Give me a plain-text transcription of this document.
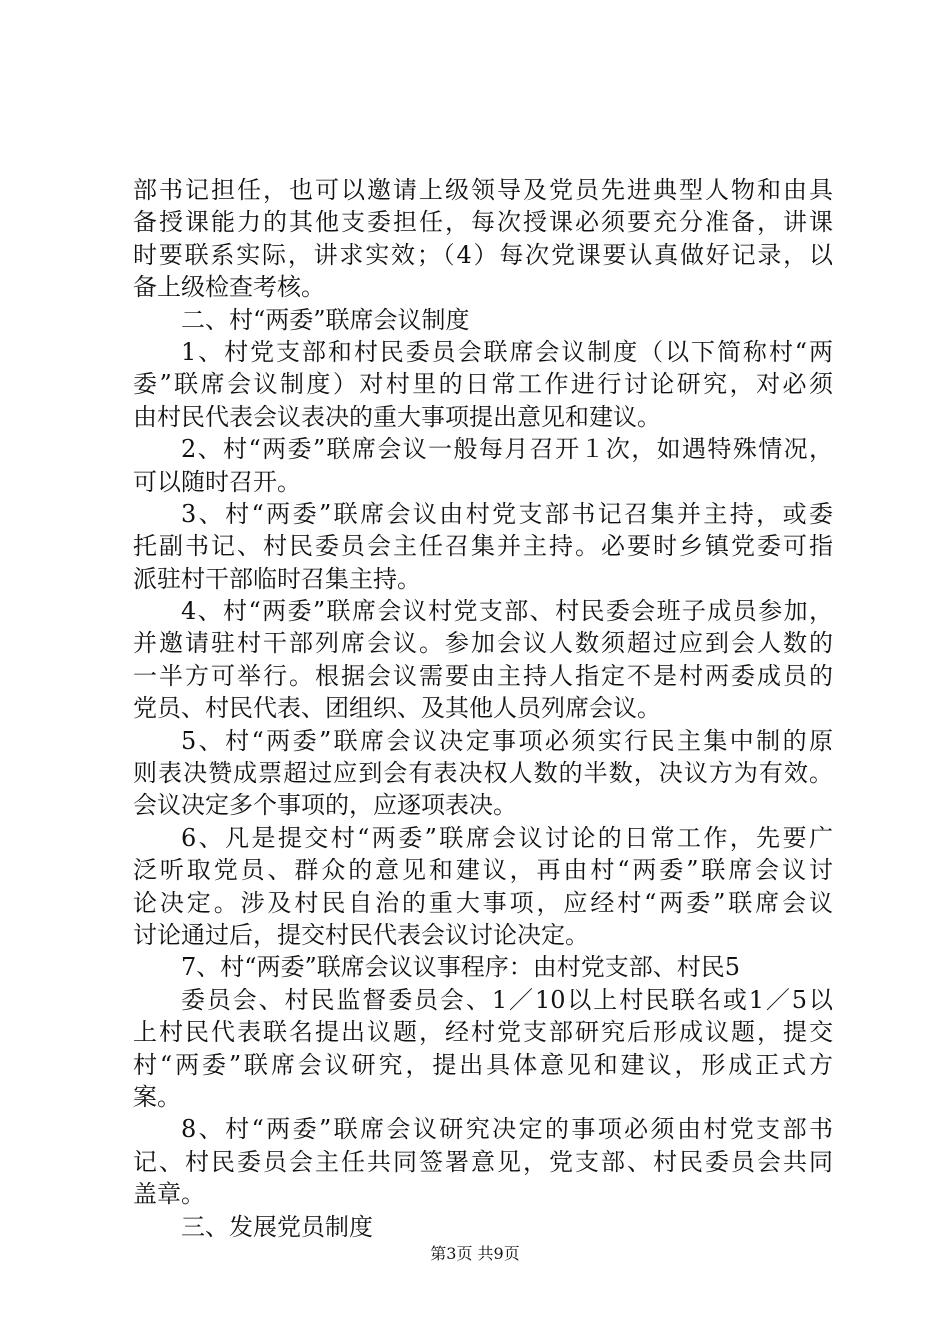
部书记担任，也可以邀请上级领导及党员先进典型人物和由具
备授课能力的其他支委担任，每次授课必须要充分准备，讲课
时要联系实际，讲求实效；（4）每次党课要认真做好记录，以
备上级检查考核。
二、村“两委”联席会议制度
1、村党支部和村民委员会联席会议制度（以下简称村“两
委”联席会议制度）对村里的日常工作进行讨论研究，对必须
由村民代表会议表决的重大事项提出意见和建议。
2、村“两委”联席会议一般每月召开１次，如遇特殊情况，
可以随时召开。
3、村“两委”联席会议由村党支部书记召集并主持，或委
托副书记、村民委员会主任召集并主持。必要时乡镇党委可指
派驻村干部临时召集主持。
4、村“两委”联席会议村党支部、村民委会班子成员参加，
并邀请驻村干部列席会议。参加会议人数须超过应到会人数的
一半方可举行。根据会议需要由主持人指定不是村两委成员的
党员、村民代表、团组织、及其他人员列席会议。
5、村“两委”联席会议决定事项必须实行民主集中制的原
则表决赞成票超过应到会有表决权人数的半数，决议方为有效。
会议决定多个事项的，应逐项表决。
6、凡是提交村“两委”联席会议讨论的日常工作，先要广
泛听取党员、群众的意见和建议，再由村“两委”联席会议讨
论决定。涉及村民自治的重大事项，应经村“两委”联席会议
讨论通过后，提交村民代表会议讨论决定。
7、村“两委”联席会议议事程序：由村党支部、村民5
委员会、村民监督委员会、1／10以上村民联名或1／5以
上村民代表联名提出议题，经村党支部研究后形成议题，提交
村“两委”联席会议研究，提出具体意见和建议，形成正式方
案。
8、村“两委”联席会议研究决定的事项必须由村党支部书
记、村民委员会主任共同签署意见，党支部、村民委员会共同
盖章。
三、发展党员制度
第3页 共9页
